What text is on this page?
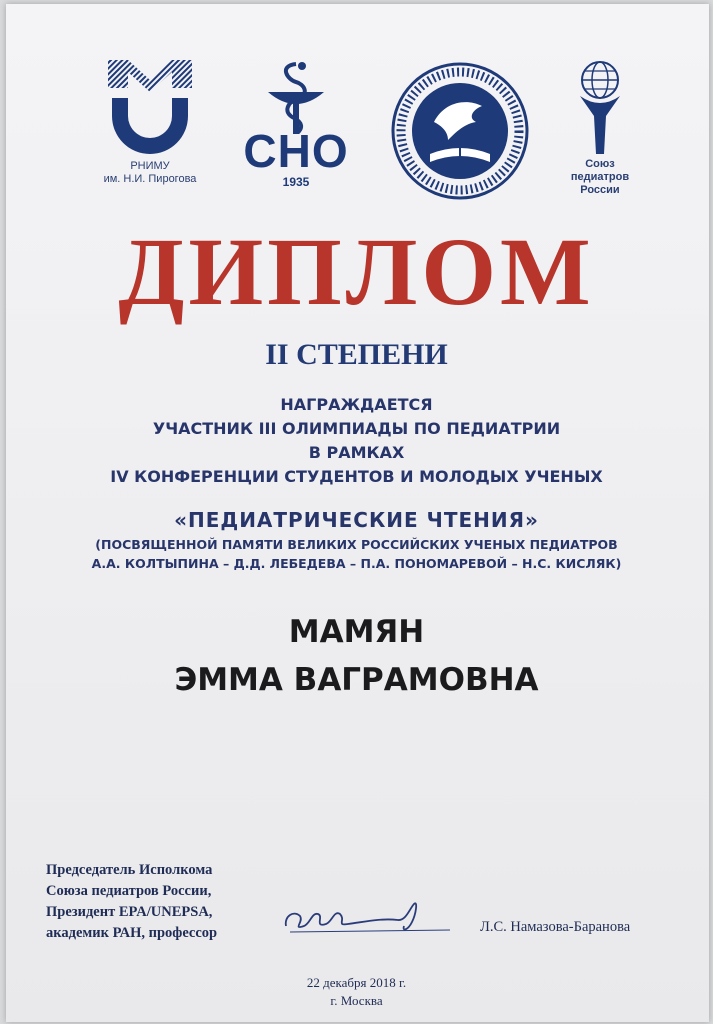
РНИМУ
им. Н.И. Пирогова
СНО
1935
Союз
педиатров
России
ДИПЛОМ
II СТЕПЕНИ
НАГРАЖДАЕТСЯ
УЧАСТНИК III ОЛИМПИАДЫ ПО ПЕДИАТРИИ
В РАМКАХ
IV КОНФЕРЕНЦИИ СТУДЕНТОВ И МОЛОДЫХ УЧЕНЫХ
«ПЕДИАТРИЧЕСКИЕ ЧТЕНИЯ»
(ПОСВЯЩЕННОЙ ПАМЯТИ ВЕЛИКИХ РОССИЙСКИХ УЧЕНЫХ ПЕДИАТРОВ
А.А. КОЛТЫПИНА – Д.Д. ЛЕБЕДЕВА – П.А. ПОНОМАРЕВОЙ – Н.С. КИСЛЯК)
МАМЯН
ЭММА ВАГРАМОВНА
Председатель Исполкома
Союза педиатров России,
Президент EPA/UNEPSA,
академик РАН, профессор	Л.С. Намазова-Баранова
22 декабря 2018 г.
г. Москва
